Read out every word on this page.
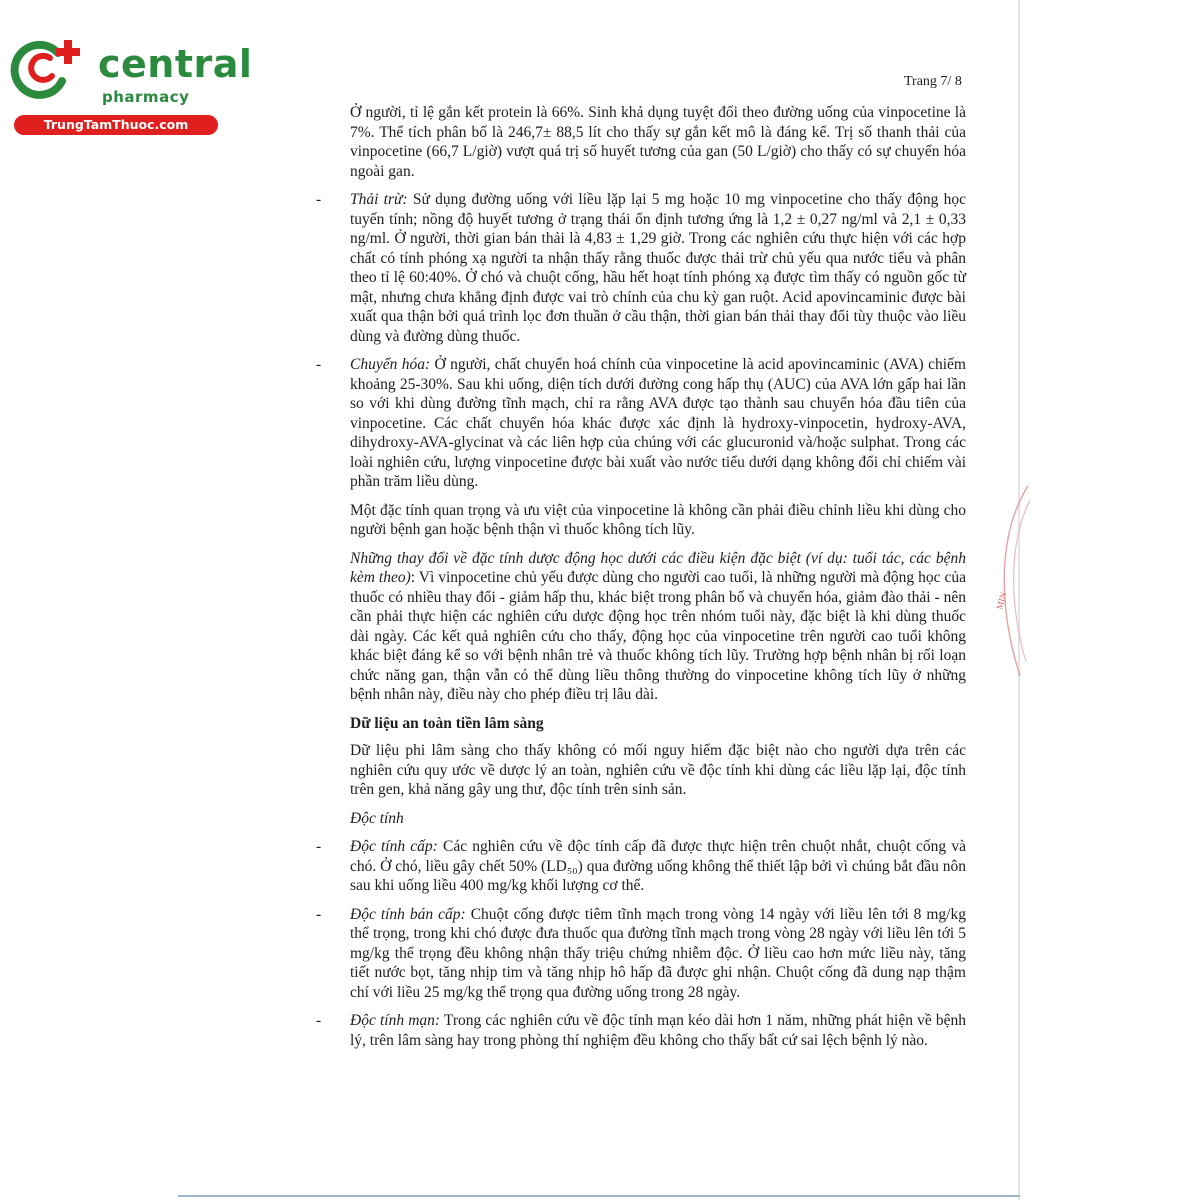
central
pharmacy
TrungTamThuoc.com
Trang 7/ 8
MIN

Ở người, tỉ lệ gắn kết protein là 66%. Sinh khả dụng tuyệt đối theo đường uống của vinpocetine là 7%. Thể tích phân bố là 246,7± 88,5 lít cho thấy sự gắn kết mô là đáng kể. Trị số thanh thải của vinpocetine (66,7 L/giờ) vượt quá trị số huyết tương của gan (50 L/giờ) cho thấy có sự chuyển hóa ngoài gan.

-	Thải trừ: Sử dụng đường uống với liều lặp lại 5 mg hoặc 10 mg vinpocetine cho thấy động học tuyến tính; nồng độ huyết tương ở trạng thái ổn định tương ứng là 1,2 ± 0,27 ng/ml và 2,1 ± 0,33 ng/ml. Ở người, thời gian bán thải là 4,83 ± 1,29 giờ. Trong các nghiên cứu thực hiện với các hợp chất có tính phóng xạ người ta nhận thấy rằng thuốc được thải trừ chủ yếu qua nước tiểu và phân theo tỉ lệ 60:40%. Ở chó và chuột cống, hầu hết hoạt tính phóng xạ được tìm thấy có nguồn gốc từ mật, nhưng chưa khẳng định được vai trò chính của chu kỳ gan ruột. Acid apovincaminic được bài xuất qua thận bởi quá trình lọc đơn thuần ở cầu thận, thời gian bán thải thay đổi tùy thuộc vào liều dùng và đường dùng thuốc.
-	Chuyển hóa: Ở người, chất chuyển hoá chính của vinpocetine là acid apovincaminic (AVA) chiếm khoảng 25-30%. Sau khi uống, diện tích dưới đường cong hấp thụ (AUC) của AVA lớn gấp hai lần so với khi dùng đường tĩnh mạch, chỉ ra rằng AVA được tạo thành sau chuyển hóa đầu tiên của vinpocetine. Các chất chuyển hóa khác được xác định là hydroxy-vinpocetin, hydroxy-AVA, dihydroxy-AVA-glycinat và các liên hợp của chúng với các glucuronid và/hoặc sulphat. Trong các loài nghiên cứu, lượng vinpocetine được bài xuất vào nước tiểu dưới dạng không đổi chỉ chiếm vài phần trăm liều dùng.

Một đặc tính quan trọng và ưu việt của vinpocetine là không cần phải điều chỉnh liều khi dùng cho người bệnh gan hoặc bệnh thận vì thuốc không tích lũy.

Những thay đổi về đặc tính dược động học dưới các điều kiện đặc biệt (ví dụ: tuổi tác, các bệnh kèm theo): Vì vinpocetine chủ yếu được dùng cho người cao tuổi, là những người mà động học của thuốc có nhiều thay đổi - giảm hấp thu, khác biệt trong phân bố và chuyển hóa, giảm đào thải - nên cần phải thực hiện các nghiên cứu dược động học trên nhóm tuổi này, đặc biệt là khi dùng thuốc dài ngày. Các kết quả nghiên cứu cho thấy, động học của vinpocetine trên người cao tuổi không khác biệt đáng kể so với bệnh nhân trẻ và thuốc không tích lũy. Trường hợp bệnh nhân bị rối loạn chức năng gan, thận vẫn có thể dùng liều thông thường do vinpocetine không tích lũy ở những bệnh nhân này, điều này cho phép điều trị lâu dài.

Dữ liệu an toàn tiền lâm sàng

Dữ liệu phi lâm sàng cho thấy không có mối nguy hiểm đặc biệt nào cho người dựa trên các nghiên cứu quy ước về dược lý an toàn, nghiên cứu về độc tính khi dùng các liều lặp lại, độc tính trên gen, khả năng gây ung thư, độc tính trên sinh sản.

Độc tính

-	Độc tính cấp: Các nghiên cứu về độc tính cấp đã được thực hiện trên chuột nhắt, chuột cống và chó. Ở chó, liều gây chết 50% (LD₅₀) qua đường uống không thể thiết lập bởi vì chúng bắt đầu nôn sau khi uống liều 400 mg/kg khối lượng cơ thể.
-	Độc tính bán cấp: Chuột cống được tiêm tĩnh mạch trong vòng 14 ngày với liều lên tới 8 mg/kg thể trọng, trong khi chó được đưa thuốc qua đường tĩnh mạch trong vòng 28 ngày với liều lên tới 5 mg/kg thể trọng đều không nhận thấy triệu chứng nhiễm độc. Ở liều cao hơn mức liều này, tăng tiết nước bọt, tăng nhịp tim và tăng nhịp hô hấp đã được ghi nhận. Chuột cống đã dung nạp thậm chí với liều 25 mg/kg thể trọng qua đường uống trong 28 ngày.
-	Độc tính mạn: Trong các nghiên cứu về độc tính mạn kéo dài hơn 1 năm, những phát hiện về bệnh lý, trên lâm sàng hay trong phòng thí nghiệm đều không cho thấy bất cứ sai lệch bệnh lý nào.
